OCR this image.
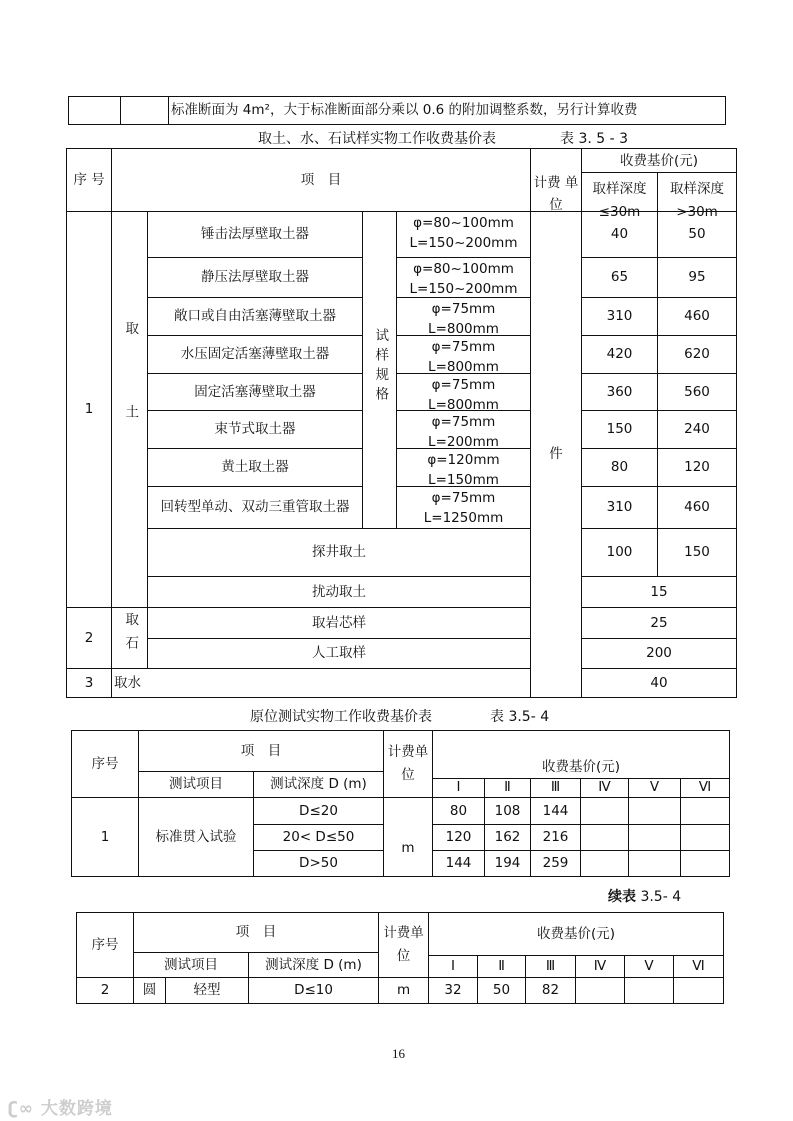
		标准断面为 4m²，大于标准断面部分乘以 0.6 的附加调整系数，另行计算收费
取土、水、石试样实物工作收费基价表	表 3. 5 - 3
序 号	项　目				计费 单位	收费基价(元)	

取样深度 ≤30m	取样深度 >30m

1	取土	锤击法厚壁取土器	试样规格	φ=80~100mm
L=150~200mm	件	40	50
		静压法厚壁取土器		φ=80~100mm
L=150~200mm		65	95
		敞口或自由活塞薄壁取土器		φ=75mm
L=800mm		310	460
		水压固定活塞薄壁取土器		φ=75mm
L=800mm		420	620
		固定活塞薄壁取土器		φ=75mm
L=800mm		360	560
		束节式取土器		φ=75mm
L=200mm		150	240
		黄土取土器		φ=120mm
L=150mm		80	120
		回转型单动、双动三重管取土器		φ=75mm
L=1250mm		310	460
		探井取土				100	150
		扰动取土				15	
2	取石	取岩芯样				25	
		人工取样				200	
3	取水					40	
原位测试实物工作收费基价表	表 3.5- 4
序号	项　目		计费单位	收费基价(元)					
	测试项目	测试深度 D (m)							
				Ⅰ	Ⅱ	Ⅲ	Ⅳ	Ⅴ	Ⅵ
1	标准贯入试验	D≤20	m	80	108	144			
		20< D≤50		120	162	216			
		D>50		144	194	259			
续表 3.5- 4
序号	项　目			计费单位	收费基价(元)					
	测试项目		测试深度 D (m)							
					Ⅰ	Ⅱ	Ⅲ	Ⅳ	Ⅴ	Ⅵ
2	圆	轻型	D≤10	m	32	50	82			
16
ʗ∞ 大数跨境
